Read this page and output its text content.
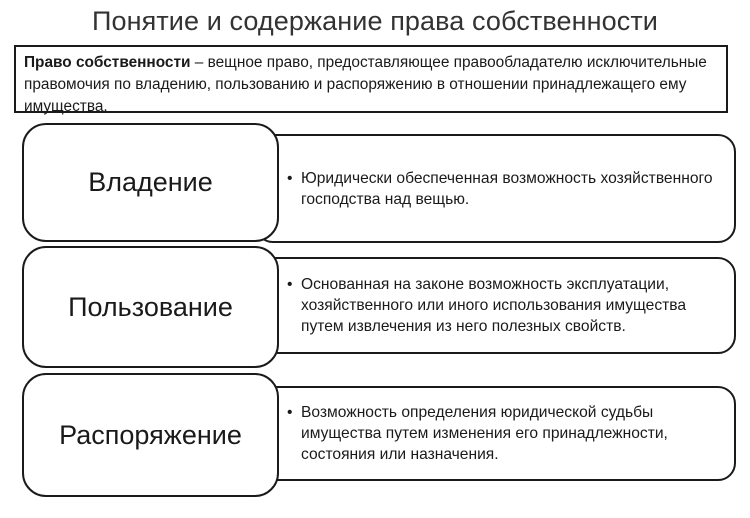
Понятие и содержание права собственности
Право собственности – вещное право, предоставляющее правообладателю исключительные правомочия по владению, пользованию и распоряжению в отношении принадлежащего ему имущества.
• Юридически обеспеченная возможность хозяйственного господства над вещью.
Владение
• Основанная на законе возможность эксплуатации, хозяйственного или иного использования имущества путем извлечения из него полезных свойств.
Пользование
• Возможность определения юридической судьбы имущества путем изменения его принадлежности, состояния или назначения.
Распоряжение
